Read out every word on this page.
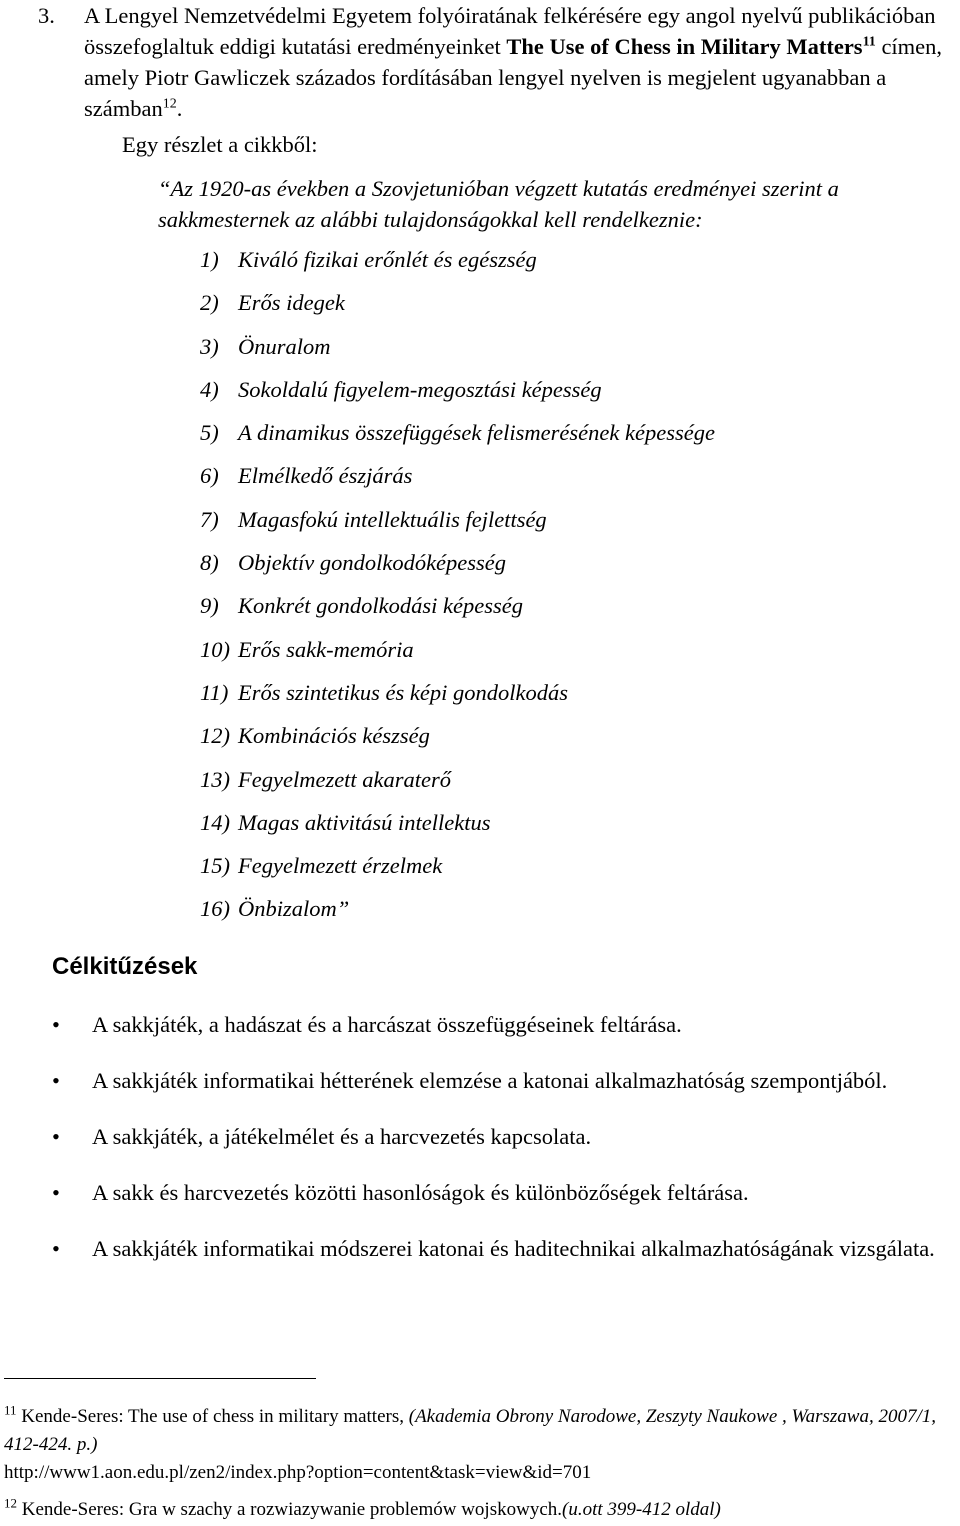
3. A Lengyel Nemzetvédelmi Egyetem folyóiratának felkérésére egy angol nyelvű publikációban összefoglaltuk eddigi kutatási eredményeinket The Use of Chess in Military Matters$^{11}$ címen, amely Piotr Gawliczek százados fordításában lengyel nyelven is megjelent ugyanabban a számban$^{12}$.
Egy részlet a cikkből:
“Az 1920-as években a Szovjetunióban végzett kutatás eredményei szerint a sakkmesternek az alábbi tulajdonságokkal kell rendelkeznie:
1) Kiváló fizikai erőnlét és egészség
2) Erős idegek
3) Önuralom
4) Sokoldalú figyelem-megosztási képesség
5) A dinamikus összefüggések felismerésének képessége
6) Elmélkedő észjárás
7) Magasfokú intellektuális fejlettség
8) Objektív gondolkodóképesség
9) Konkrét gondolkodási képesség
10) Erős sakk-memória
11) Erős szintetikus és képi gondolkodás
12) Kombinációs készség
13) Fegyelmezett akaraterő
14) Magas aktivitású intellektus
15) Fegyelmezett érzelmek
16) Önbizalom”
Célkitűzések
• A sakkjáték, a hadászat és a harcászat összefüggéseinek feltárása.
• A sakkjáték informatikai hétterének elemzése a katonai alkalmazhatóság szempontjából.
• A sakkjáték, a játékelmélet és a harcvezetés kapcsolata.
• A sakk és harcvezetés közötti hasonlóságok és különbözőségek feltárása.
• A sakkjáték informatikai módszerei katonai és haditechnikai alkalmazhatóságának vizsgálata.
$^{11}$ Kende-Seres: The use of chess in military matters, (Akademia Obrony Narodowe, Zeszyty Naukowe , Warszawa, 2007/1, 412-424. p.)
http://www1.aon.edu.pl/zen2/index.php?option=content&task=view&id=701
$^{12}$ Kende-Seres: Gra w szachy a rozwiazywanie problemów wojskowych.(u.ott 399-412 oldal)
